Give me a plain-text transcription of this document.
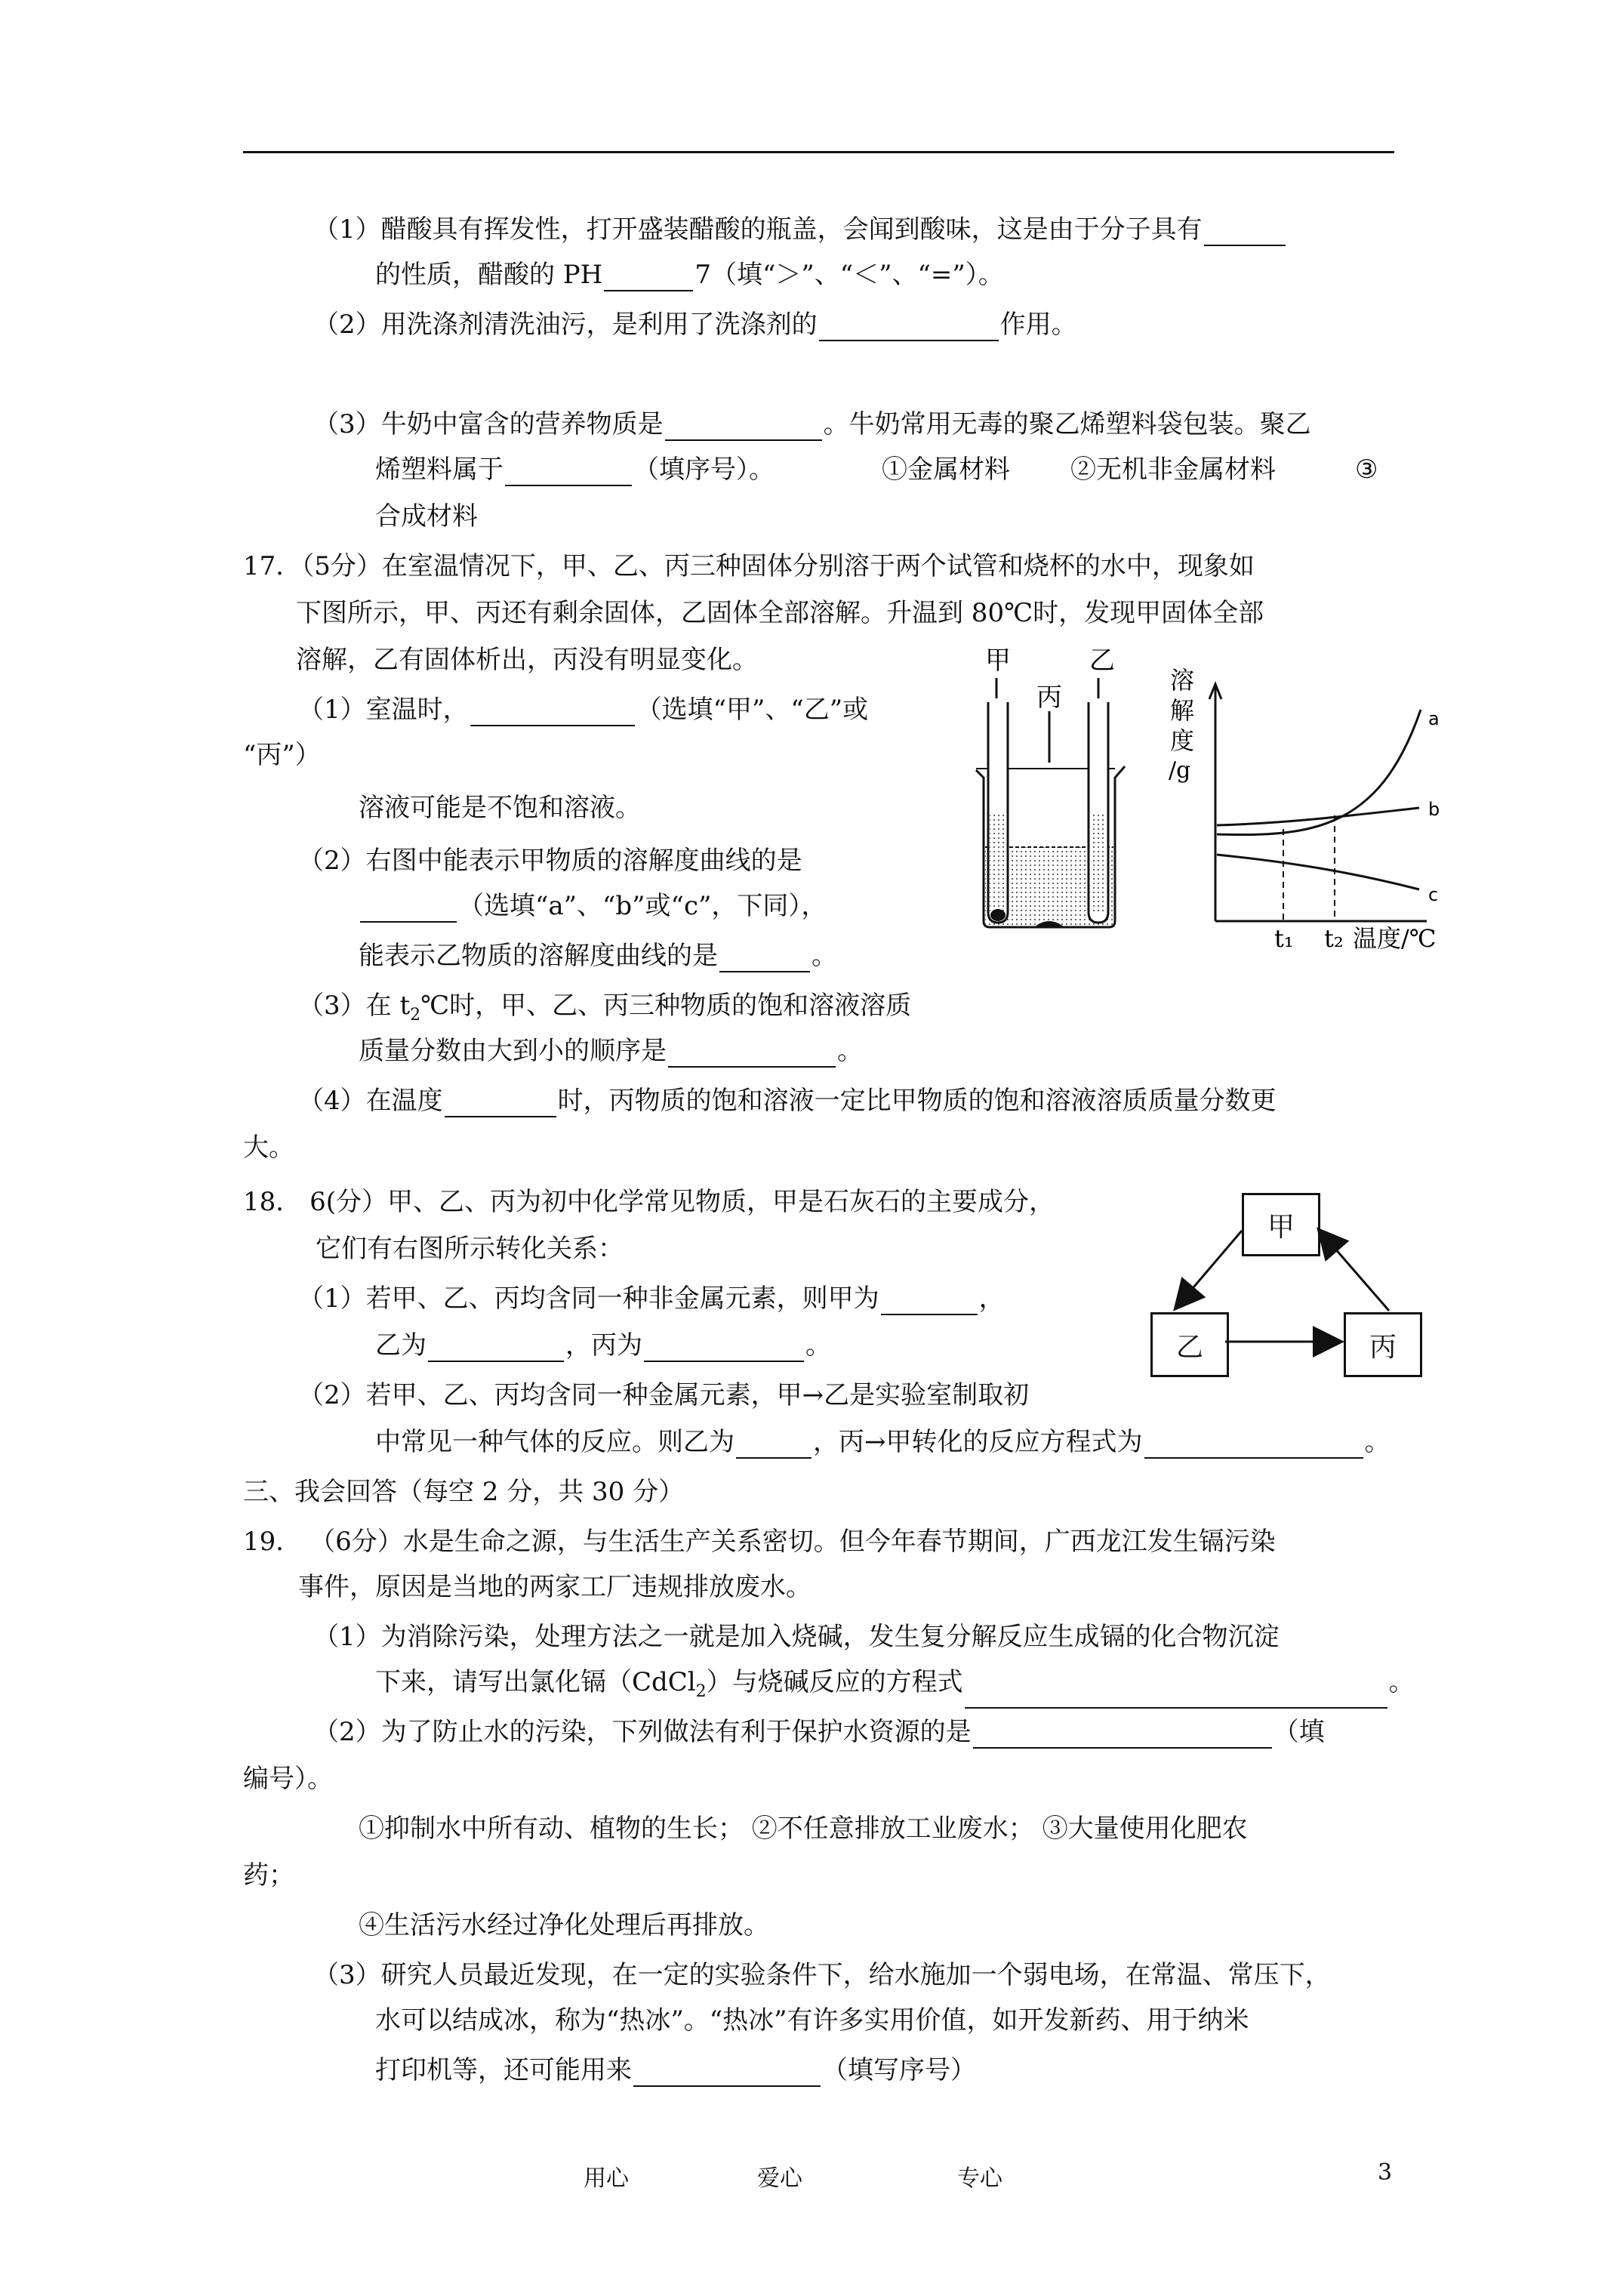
（1）醋酸具有挥发性，打开盛装醋酸的瓶盖，会闻到酸味，这是由于分子具有
的性质，醋酸的 PH	7（填“＞”、“＜”、“=”）。
（2）用洗涤剂清洗油污，是利用了洗涤剂的	作用。
（3）牛奶中富含的营养物质是	。牛奶常用无毒的聚乙烯塑料袋包装。聚乙
烯塑料属于	（填序号）。	①金属材料 ②无机非金属材料	③
合成材料
17．（5分）在室温情况下，甲、乙、丙三种固体分别溶于两个试管和烧杯的水中，现象如
下图所示，甲、丙还有剩余固体，乙固体全部溶解。升温到 80℃时，发现甲固体全部
溶解，乙有固体析出，丙没有明显变化。
（1）室温时，	（选填“甲”、“乙”或
“丙”）
溶液可能是不饱和溶液。
（2）右图中能表示甲物质的溶解度曲线的是
（选填“a”、“b”或“c”，下同），
能表示乙物质的溶解度曲线的是	。
（3）在 $t_2℃$时，甲、乙、丙三种物质的饱和溶液溶质
质量分数由大到小的顺序是	。
（4）在温度	时，丙物质的饱和溶液一定比甲物质的饱和溶液溶质质量分数更
大。
甲	乙
丙
溶
解
度
/g
a
b
c
t₁ t₂ 温度/℃
18． 6(分）甲、乙、丙为初中化学常见物质，甲是石灰石的主要成分，
它们有右图所示转化关系：
（1）若甲、乙、丙均含同一种非金属元素，则甲为	，
乙为	，丙为	。
（2）若甲、乙、丙均含同一种金属元素，甲→乙是实验室制取初
中常见一种气体的反应。则乙为	，丙→甲转化的反应方程式为	。
甲
乙	丙
三、我会回答（每空 2 分，共 30 分）
19． （6分）水是生命之源，与生活生产关系密切。但今年春节期间，广西龙江发生镉污染
事件，原因是当地的两家工厂违规排放废水。
（1）为消除污染，处理方法之一就是加入烧碱，发生复分解反应生成镉的化合物沉淀
下来，请写出氯化镉（CdCl$_2$）与烧碱反应的方程式	。
（2）为了防止水的污染，下列做法有利于保护水资源的是	（填
编号）。
①抑制水中所有动、植物的生长； ②不任意排放工业废水； ③大量使用化肥农
药；
④生活污水经过净化处理后再排放。
（3）研究人员最近发现，在一定的实验条件下，给水施加一个弱电场，在常温、常压下，
水可以结成冰，称为“热冰”。“热冰”有许多实用价值，如开发新药、用于纳米
打印机等，还可能用来	（填写序号）
用心	爱心	专心	3
